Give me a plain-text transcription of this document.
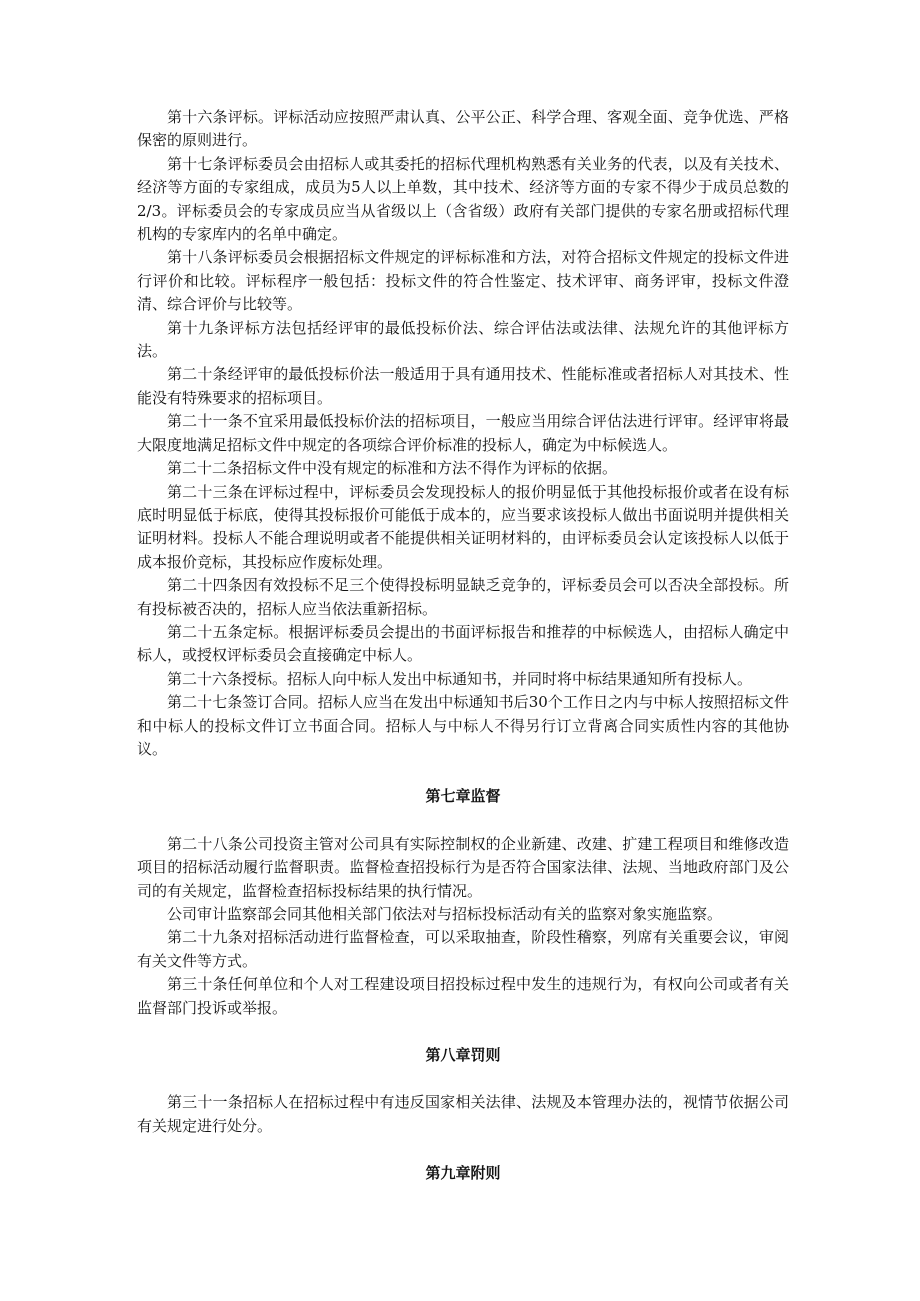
第十六条评标。评标活动应按照严肃认真、公平公正、科学合理、客观全面、竞争优选、严格保密的原则进行。

第十七条评标委员会由招标人或其委托的招标代理机构熟悉有关业务的代表，以及有关技术、经济等方面的专家组成，成员为5人以上单数，其中技术、经济等方面的专家不得少于成员总数的2/3。评标委员会的专家成员应当从省级以上（含省级）政府有关部门提供的专家名册或招标代理机构的专家库内的名单中确定。

第十八条评标委员会根据招标文件规定的评标标准和方法，对符合招标文件规定的投标文件进行评价和比较。评标程序一般包括：投标文件的符合性鉴定、技术评审、商务评审，投标文件澄清、综合评价与比较等。

第十九条评标方法包括经评审的最低投标价法、综合评估法或法律、法规允许的其他评标方法。

第二十条经评审的最低投标价法一般适用于具有通用技术、性能标准或者招标人对其技术、性能没有特殊要求的招标项目。

第二十一条不宜采用最低投标价法的招标项目，一般应当用综合评估法进行评审。经评审将最大限度地满足招标文件中规定的各项综合评价标准的投标人，确定为中标候选人。

第二十二条招标文件中没有规定的标准和方法不得作为评标的依据。

第二十三条在评标过程中，评标委员会发现投标人的报价明显低于其他投标报价或者在设有标底时明显低于标底，使得其投标报价可能低于成本的，应当要求该投标人做出书面说明并提供相关证明材料。投标人不能合理说明或者不能提供相关证明材料的，由评标委员会认定该投标人以低于成本报价竞标，其投标应作废标处理。

第二十四条因有效投标不足三个使得投标明显缺乏竞争的，评标委员会可以否决全部投标。所有投标被否决的，招标人应当依法重新招标。

第二十五条定标。根据评标委员会提出的书面评标报告和推荐的中标候选人，由招标人确定中标人，或授权评标委员会直接确定中标人。

第二十六条授标。招标人向中标人发出中标通知书，并同时将中标结果通知所有投标人。

第二十七条签订合同。招标人应当在发出中标通知书后30个工作日之内与中标人按照招标文件和中标人的投标文件订立书面合同。招标人与中标人不得另行订立背离合同实质性内容的其他协议。

第七章监督

第二十八条公司投资主管对公司具有实际控制权的企业新建、改建、扩建工程项目和维修改造项目的招标活动履行监督职责。监督检查招投标行为是否符合国家法律、法规、当地政府部门及公司的有关规定，监督检查招标投标结果的执行情况。

公司审计监察部会同其他相关部门依法对与招标投标活动有关的监察对象实施监察。

第二十九条对招标活动进行监督检查，可以采取抽查，阶段性稽察，列席有关重要会议，审阅有关文件等方式。

第三十条任何单位和个人对工程建设项目招投标过程中发生的违规行为，有权向公司或者有关监督部门投诉或举报。

第八章罚则

第三十一条招标人在招标过程中有违反国家相关法律、法规及本管理办法的，视情节依据公司有关规定进行处分。

第九章附则
